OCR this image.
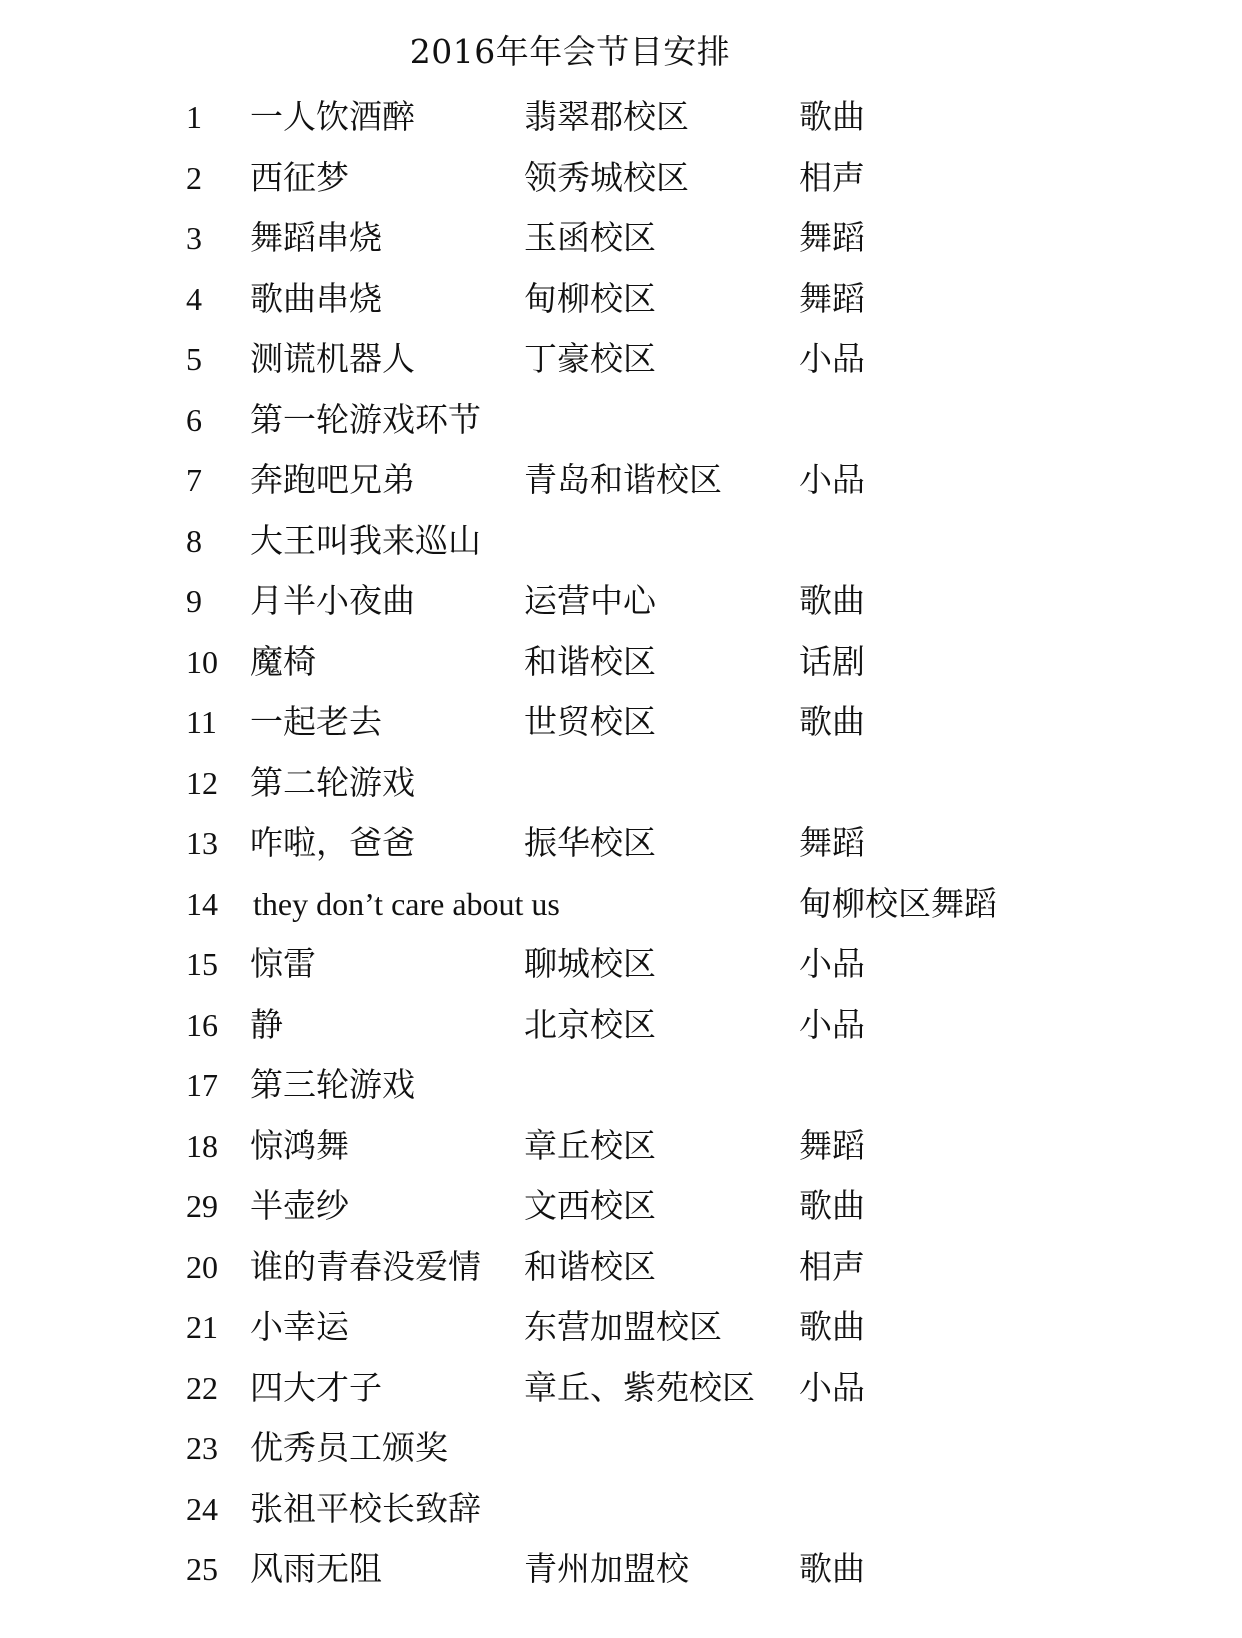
2016年年会节目安排
1 一人饮酒醉	翡翠郡校区	歌曲
2 西征梦	领秀城校区	相声
3 舞蹈串烧	玉函校区	舞蹈
4 歌曲串烧	甸柳校区	舞蹈
5 测谎机器人	丁豪校区	小品
6 第一轮游戏环节
7 奔跑吧兄弟	青岛和谐校区 小品
8 大王叫我来巡山
9 月半小夜曲	运营中心	歌曲
10 魔椅	和谐校区	话剧
11 一起老去	世贸校区	歌曲
12 第二轮游戏
13 咋啦，爸爸	振华校区	舞蹈
14 they don’t care about us	甸柳校区舞蹈
15 惊雷	聊城校区	小品
16 静	北京校区	小品
17 第三轮游戏
18 惊鸿舞	章丘校区	舞蹈
29 半壶纱	文西校区	歌曲
20 谁的青春没爱情 和谐校区	相声
21 小幸运	东营加盟校区 歌曲
22 四大才子	章丘、紫苑校区 小品
23 优秀员工颁奖
24 张祖平校长致辞
25 风雨无阻	青州加盟校	歌曲
